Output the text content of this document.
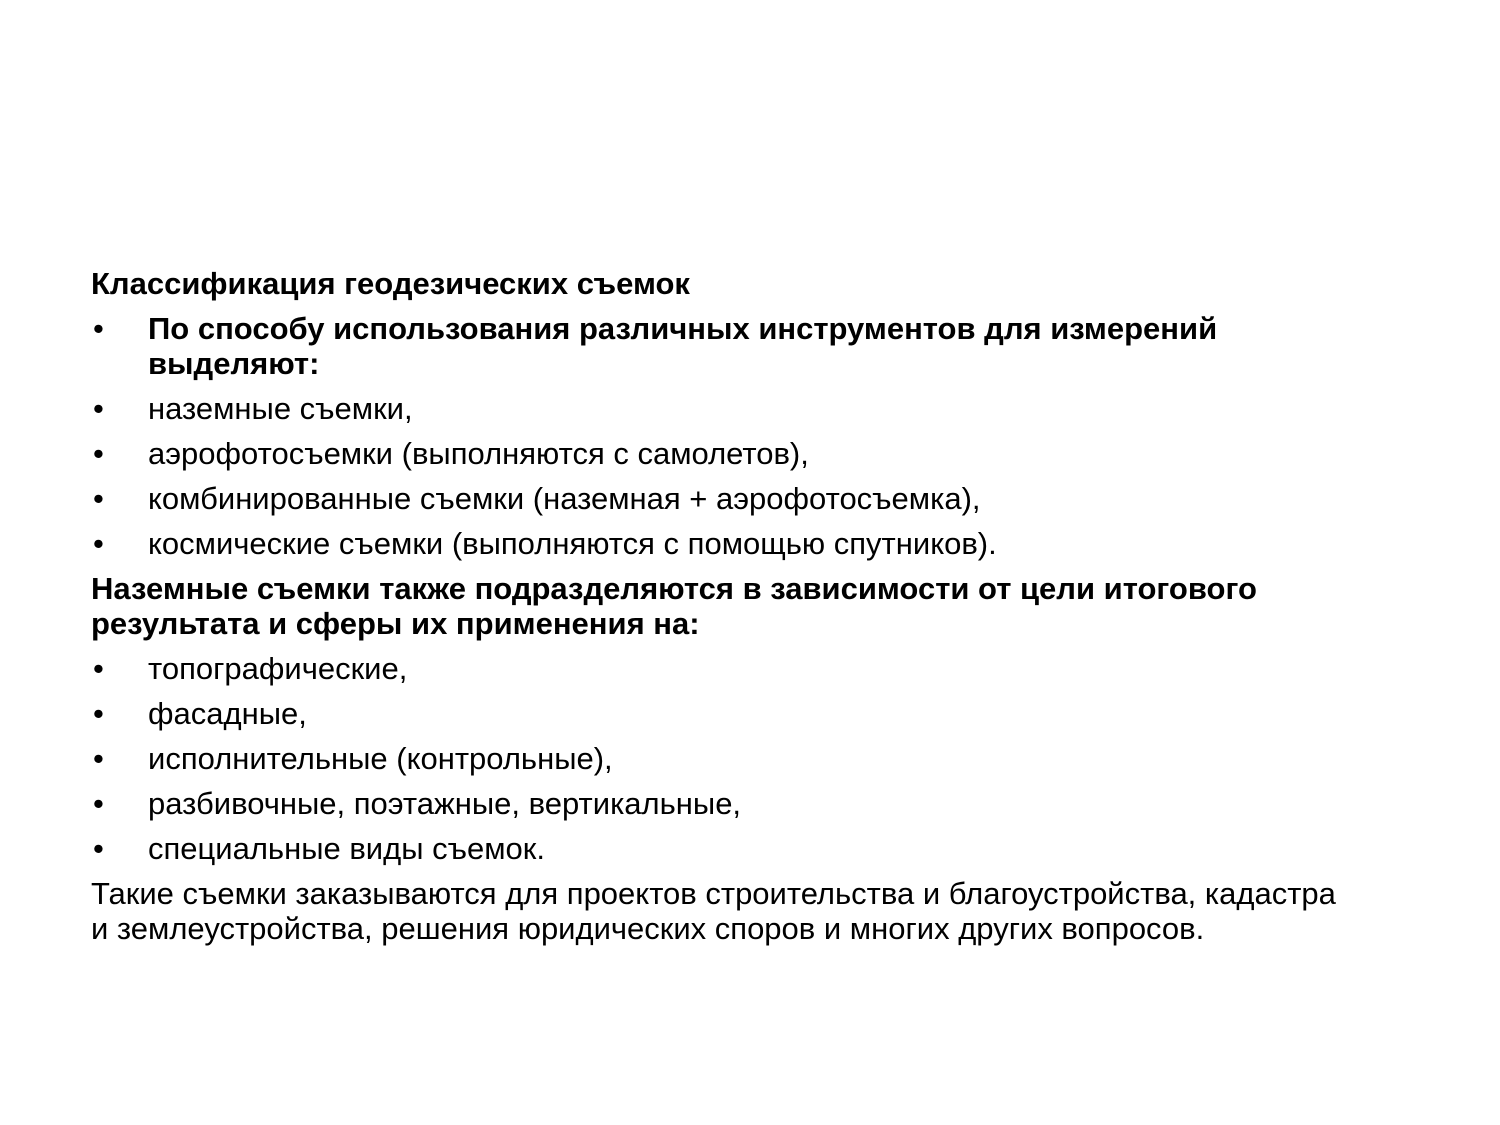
Классификация геодезических съемок

•	По способу использования различных инструментов для измерений выделяют:
•	наземные съемки,
•	аэрофотосъемки (выполняются с самолетов),
•	комбинированные съемки (наземная + аэрофотосъемка),
•	космические съемки (выполняются с помощью спутников).

Наземные съемки также подразделяются в зависимости от цели итогового результата и сферы их применения на:

•	топографические,
•	фасадные,
•	исполнительные (контрольные),
•	разбивочные, поэтажные, вертикальные,
•	специальные виды съемок.

Такие съемки заказываются для проектов строительства и благоустройства, кадастра и землеустройства, решения юридических споров и многих других вопросов.
